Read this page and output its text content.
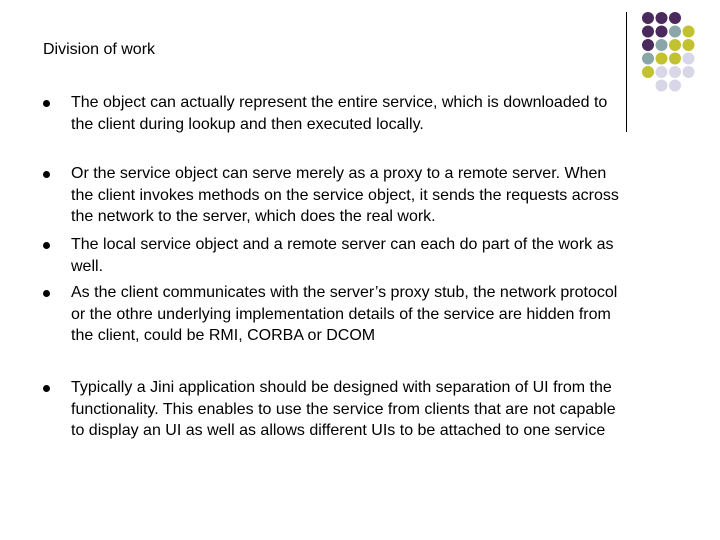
Division of work
The object can actually represent the entire service, which is downloaded to the client during lookup and then executed locally.
Or the service object can serve merely as a proxy to a remote server. When the client invokes methods on the service object, it sends the requests across the network to the server, which does the real work.
The local service object and a remote server can each do part of the work as well.
As the client communicates with the server’s proxy stub, the network protocol or the othre underlying implementation details of the service are hidden from the client, could be RMI, CORBA or DCOM
Typically a Jini application should be designed with separation of UI from the functionality. This enables to use the service from clients that are not capable to display an UI as well as allows different UIs to be attached to one service
